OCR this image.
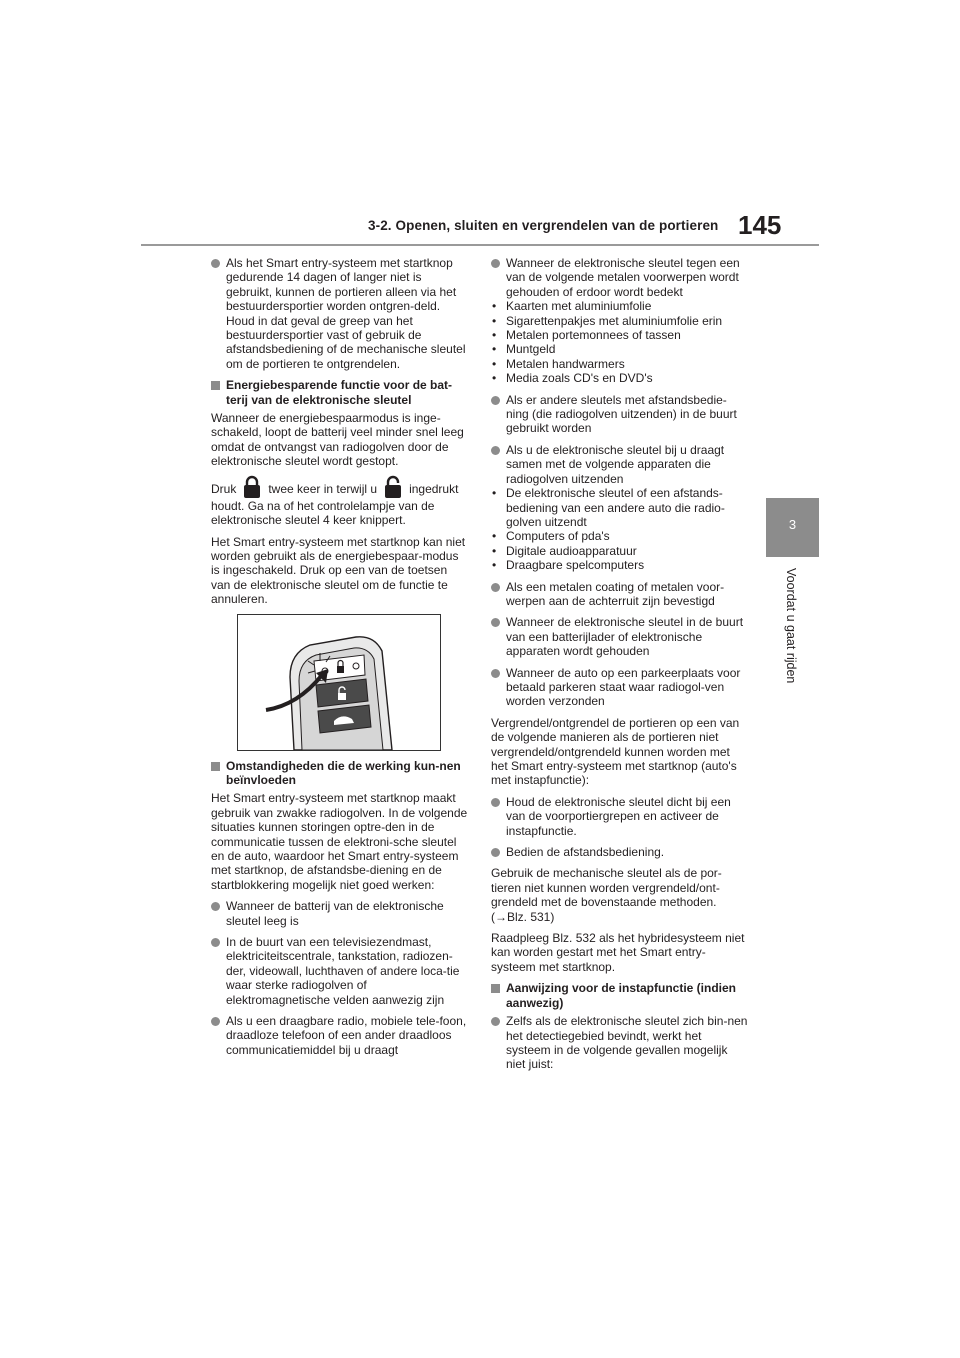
3-2. Openen, sluiten en vergrendelen van de portieren 145
3
Voordat u gaat rijden
Als het Smart entry-systeem met startknop gedurende 14 dagen of langer niet is gebruikt, kunnen de portieren alleen via het bestuurdersportier worden ontgren-deld. Houd in dat geval de greep van het bestuurdersportier vast of gebruik de afstandsbediening of de mechanische sleutel om de portieren te ontgrendelen.
Energiebesparende functie voor de bat-terij van de elektronische sleutel

Wanneer de energiebespaarmodus is inge-schakeld, loopt de batterij veel minder snel leeg omdat de ontvangst van radiogolven door de elektronische sleutel wordt gestopt.

Druk	twee keer in terwijl u	ingedrukt
houdt. Ga na of het controlelampje van de elektronische sleutel 4 keer knippert.

Het Smart entry-systeem met startknop kan niet worden gebruikt als de energiebespaar-modus is ingeschakeld. Druk op een van de toetsen van de elektronische sleutel om de functie te annuleren.

Omstandigheden die de werking kun-nen beïnvloeden

Het Smart entry-systeem met startknop maakt gebruik van zwakke radiogolven. In de volgende situaties kunnen storingen optre-den in de communicatie tussen de elektroni-sche sleutel en de auto, waardoor het Smart entry-systeem met startknop, de afstandsbe-diening en de startblokkering mogelijk niet goed werken:

Wanneer de batterij van de elektronische sleutel leeg is
In de buurt van een televisiezendmast, elektriciteitscentrale, tankstation, radiozen-der, videowall, luchthaven of andere loca-tie waar sterke radiogolven of elektromagnetische velden aanwezig zijn
Als u een draagbare radio, mobiele tele-foon, draadloze telefoon of een ander draadloos communicatiemiddel bij u draagt
Wanneer de elektronische sleutel tegen een van de volgende metalen voorwerpen wordt gehouden of erdoor wordt bedekt
• Kaarten met aluminiumfolie
• Sigarettenpakjes met aluminiumfolie erin
• Metalen portemonnees of tassen
• Muntgeld
• Metalen handwarmers
• Media zoals CD's en DVD's
Als er andere sleutels met afstandsbedie-ning (die radiogolven uitzenden) in de buurt gebruikt worden
Als u de elektronische sleutel bij u draagt samen met de volgende apparaten die radiogolven uitzenden
• De elektronische sleutel of een afstands-bediening van een andere auto die radio-golven uitzendt
• Computers of pda's
• Digitale audioapparatuur
• Draagbare spelcomputers
Als een metalen coating of metalen voor-werpen aan de achterruit zijn bevestigd
Wanneer de elektronische sleutel in de buurt van een batterijlader of elektronische apparaten wordt gehouden
Wanneer de auto op een parkeerplaats voor betaald parkeren staat waar radiogol-ven worden verzonden

Vergrendel/ontgrendel de portieren op een van de volgende manieren als de portieren niet vergrendeld/ontgrendeld kunnen worden met het Smart entry-systeem met startknop (auto's met instapfunctie):

Houd de elektronische sleutel dicht bij een van de voorportiergrepen en activeer de instapfunctie.
Bedien de afstandsbediening.

Gebruik de mechanische sleutel als de por-tieren niet kunnen worden vergrendeld/ont-grendeld met de bovenstaande methoden. (→Blz. 531)

Raadpleeg Blz. 532 als het hybridesysteem niet kan worden gestart met het Smart entry-systeem met startknop.

Aanwijzing voor de instapfunctie (indien aanwezig)
Zelfs als de elektronische sleutel zich bin-nen het detectiegebied bevindt, werkt het systeem in de volgende gevallen mogelijk niet juist:
